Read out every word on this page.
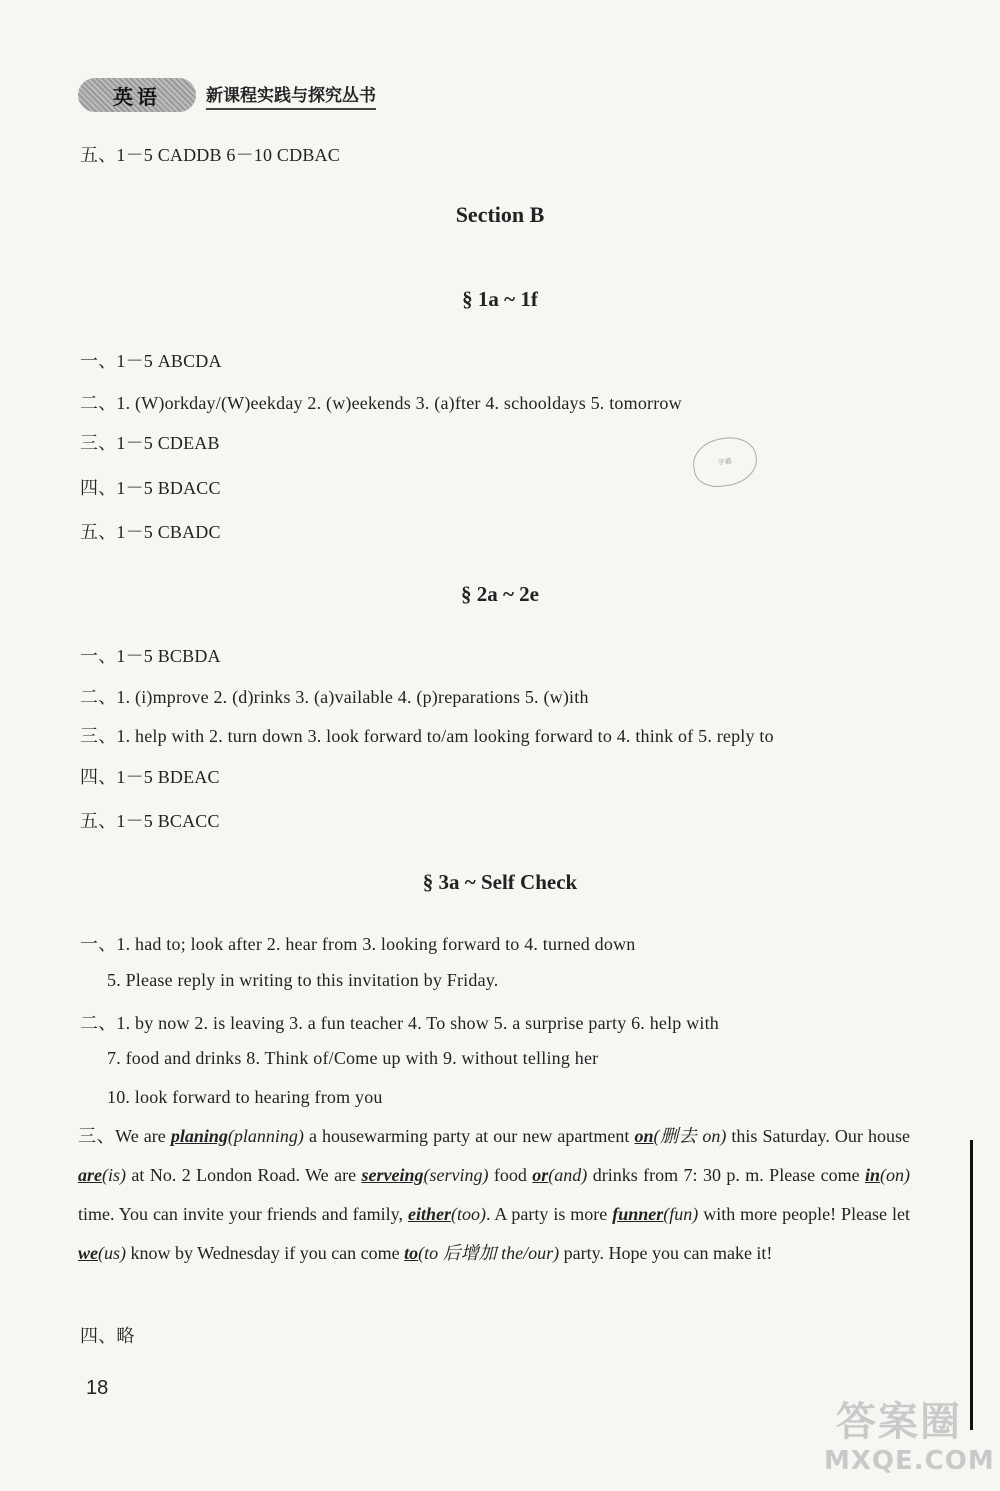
英语	新课程实践与探究丛书
五、1－5 CADDB 6－10 CDBAC
Section B
§ 1a ~ 1f
一、1－5 ABCDA
二、1. (W)orkday/(W)eekday 2. (w)eekends 3. (a)fter 4. schooldays 5. tomorrow
三、1－5 CDEAB
四、1－5 BDACC
五、1－5 CBADC
学霸
§ 2a ~ 2e
一、1－5 BCBDA
二、1. (i)mprove 2. (d)rinks 3. (a)vailable 4. (p)reparations 5. (w)ith
三、1. help with 2. turn down 3. look forward to/am looking forward to 4. think of 5. reply to
四、1－5 BDEAC
五、1－5 BCACC
§ 3a ~ Self Check
一、1. had to; look after 2. hear from 3. looking forward to 4. turned down
5. Please reply in writing to this invitation by Friday.
二、1. by now 2. is leaving 3. a fun teacher 4. To show 5. a surprise party 6. help with
7. food and drinks 8. Think of/Come up with 9. without telling her
10. look forward to hearing from you
三、We are planing(planning) a housewarming party at our new apartment on(删去 on) this Saturday. Our house are(is) at No. 2 London Road. We are serveing(serving) food or(and) drinks from 7: 30 p. m. Please come in(on) time. You can invite your friends and family, either(too). A party is more funner(fun) with more people! Please let we(us) know by Wednesday if you can come to(to 后增加 the/our) party. Hope you can make it!
四、略
18
答案圈
MXQE.COM
